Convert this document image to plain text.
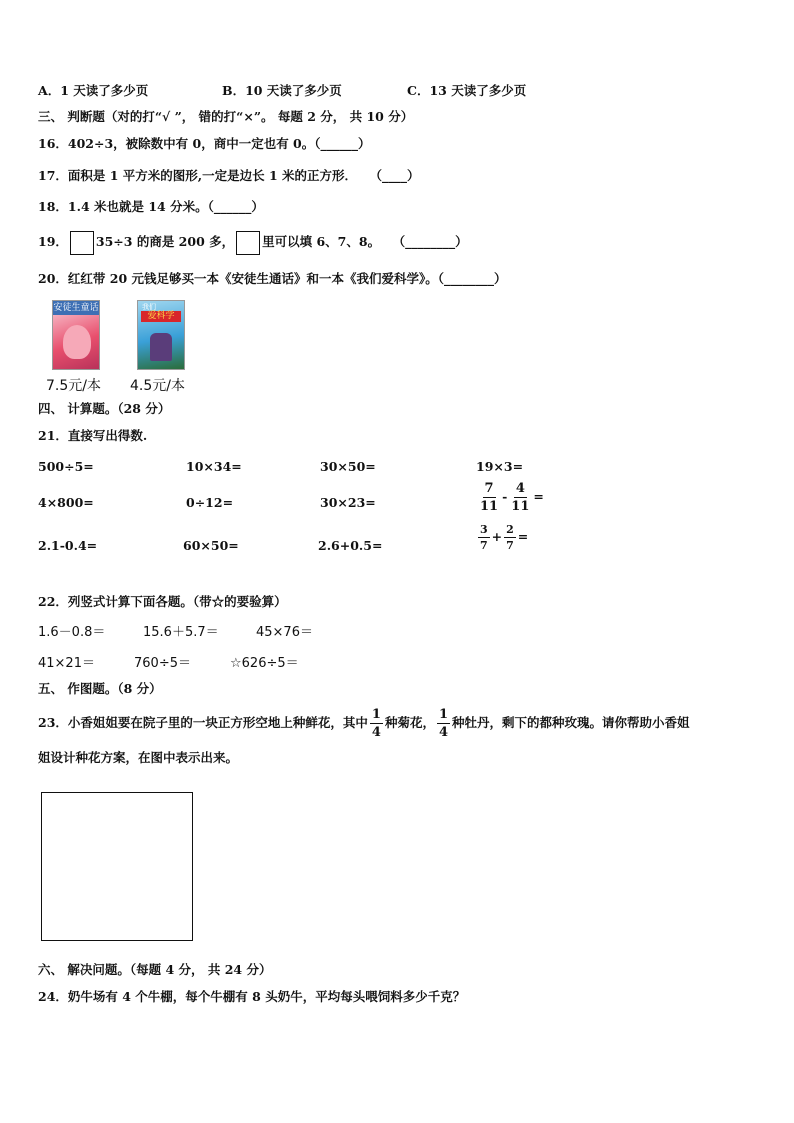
A．1 天读了多少页	B．10 天读了多少页	C．13 天读了多少页
三、 判断题（对的打“√ ”， 错的打“×”。 每题 2 分， 共 10 分）
16．402÷3，被除数中有 0，商中一定也有 0。（______）
17．面积是 1 平方米的图形,一定是边长 1 米的正方形．　　（____）
18．1.4 米也就是 14 分米。（______）
19． 35÷3 的商是 200 多， 里可以填 6、7、8。　　（________）
20．红红带 20 元钱足够买一本《安徒生通话》和一本《我们爱科学》。（________）
安徒生童话	我们
爱科学
7.5元/本 4.5元/本
四、 计算题。（28 分）
21．直接写出得数.
500÷5=	10×34=	30×50=	19×3=
4×800=	0÷12=	30×23=	$\frac{7}{11} - \frac{4}{11}$ =
2.1-0.4=	60×50=	2.6+0.5=	$\frac{3}{7} + \frac{2}{7}$ =
22．列竖式计算下面各题。（带☆的要验算）
1.6－0.8＝	15.6＋5.7＝	45×76＝
41×21＝	760÷5＝	☆626÷5＝
五、 作图题。（8 分）
23．小香姐姐要在院子里的一块正方形空地上种鲜花，其中 $\frac{1}{4}$ 种菊花， $\frac{1}{4}$ 种牡丹，剩下的都种玫瑰。请你帮助小香姐
姐设计种花方案，在图中表示出来。
六、 解决问题。（每题 4 分， 共 24 分）
24．奶牛场有 4 个牛棚，每个牛棚有 8 头奶牛，平均每头喂饲料多少千克？
